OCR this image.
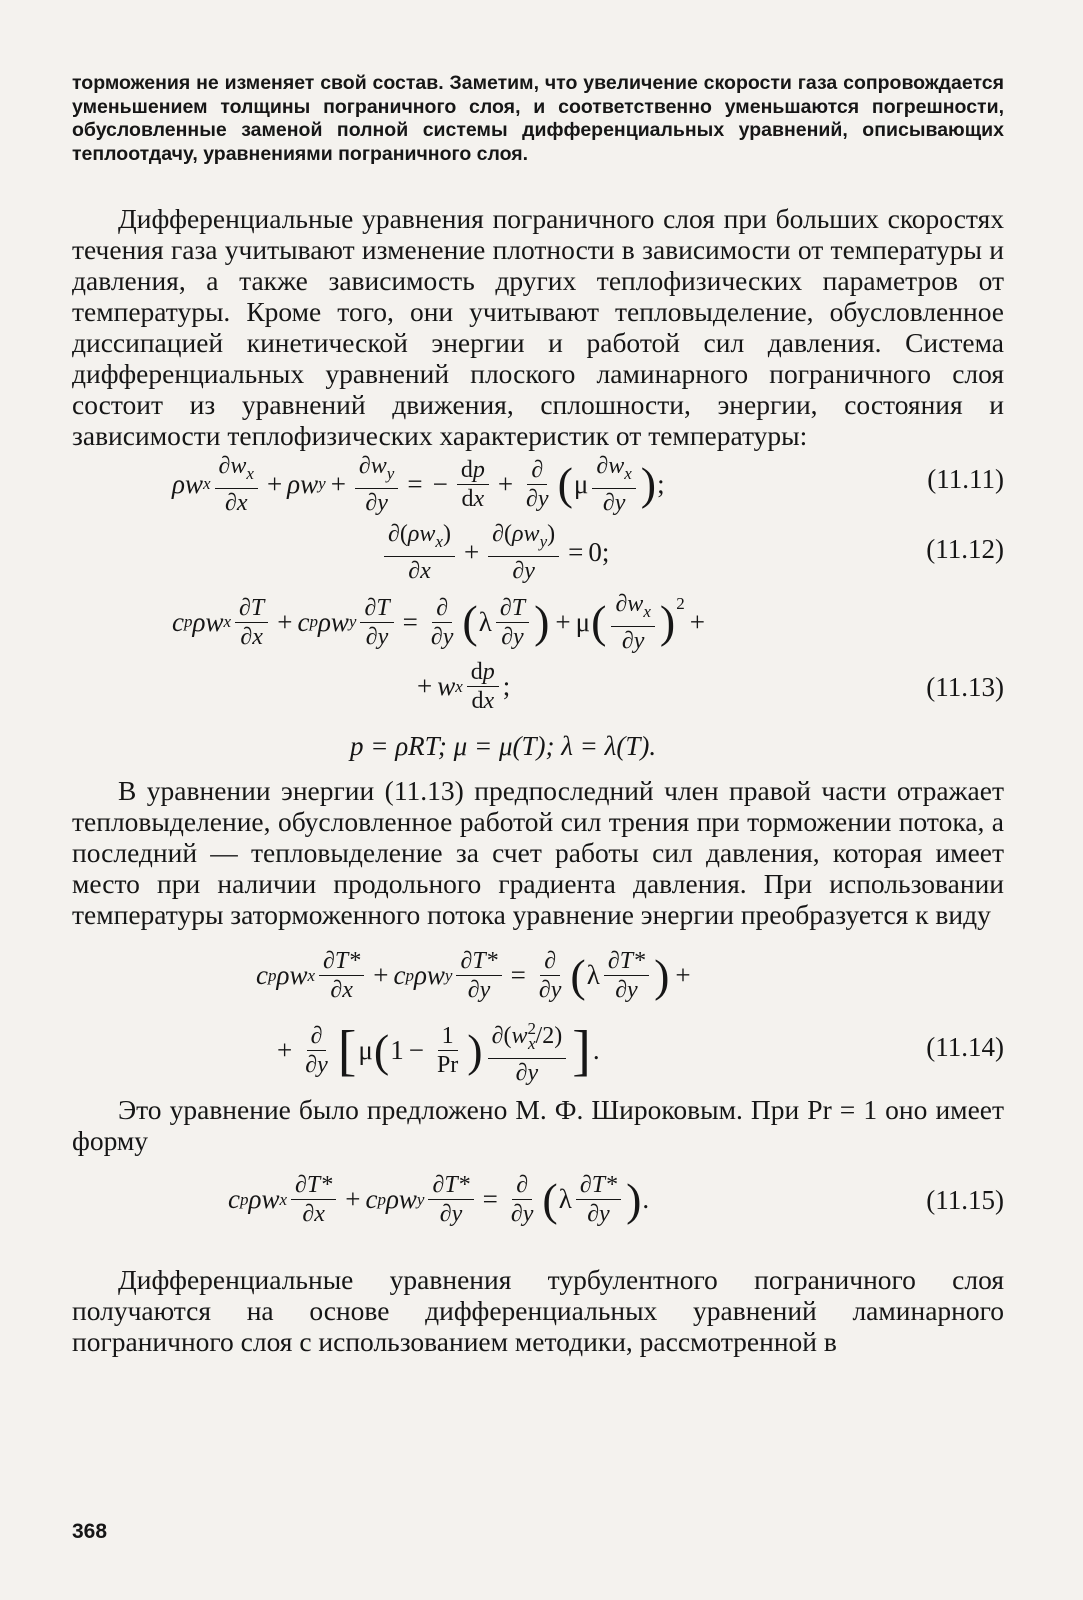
торможения не изменяет свой состав. Заметим, что увеличение скорости газа сопровождается уменьшением толщины пограничного слоя, и соответственно уменьшаются погрешности, обусловленные заменой полной системы дифференциальных уравнений, описывающих теплоотдачу, уравнениями пограничного слоя.

Дифференциальные уравнения пограничного слоя при больших скоростях течения газа учитывают изменение плотности в зависимости от температуры и давления, а также зависимость других теплофизических параметров от температуры. Кроме того, они учитывают тепловыделение, обусловленное диссипацией кинетической энергии и работой сил давления. Система дифференциальных уравнений плоского ламинарного пограничного слоя состоит из уравнений движения, сплошности, энергии, состояния и зависимости теплофизических характеристик от температуры:

ρw x $\frac{\partial w_x}{\partial x} + \rho w$ $y + \frac{\partial w_y}{\partial y}$ = − $\frac{dp}{dx} + \frac{\partial}{\partial y}$ ( μ $\frac{\partial w_x}{\partial y}$ ) ;	(11.11)
$\frac{\partial(\rho w_x)}{\partial x} + \frac{\partial(\rho w_y)}{\partial y} = 0$;	(11.12)
c p ρw x $\frac{\partial T}{\partial x} + c$ p ρw y $\frac{\partial T}{\partial y} = \frac{\partial}{\partial y}$ ( λ $\frac{\partial T}{\partial y}$ ) + μ ( $\frac{\partial w_x}{\partial y} )^2$
+
+ w x $\frac{dp}{dx}$ ;	(11.13)
p = ρRT; μ = μ(T); λ = λ(T).

В уравнении энергии (11.13) предпоследний член правой части отражает тепловыделение, обусловленное работой сил трения при торможении потока, а последний — тепловыделение за счет работы сил давления, которая имеет место при наличии продольного градиента давления. При использовании температуры заторможенного потока уравнение энергии преобразуется к виду

c p ρw x $\frac{\partial T*}{\partial x} + c$ p ρw y $\frac{\partial T*}{\partial y} = \frac{\partial}{\partial y}$ ( λ $\frac{\partial T*}{\partial y}$ ) +
+ $\frac{\partial}{\partial y}$ [ μ ( $1 - \frac{1}{Pr}$ ) $\frac{\partial(w^2_x/2)}{\partial y}$ ] .	(11.14)

Это уравнение было предложено М. Ф. Широковым. При Pr = 1 оно имеет форму

c p ρw x $\frac{\partial T*}{\partial x} + c$ p ρw y $\frac{\partial T*}{\partial y} = \frac{\partial}{\partial y}$ ( λ $\frac{\partial T*}{\partial y}$ ) .	(11.15)

Дифференциальные уравнения турбулентного пограничного слоя получаются на основе дифференциальных уравнений ламинарного пограничного слоя с использованием методики, рассмотренной в

368
